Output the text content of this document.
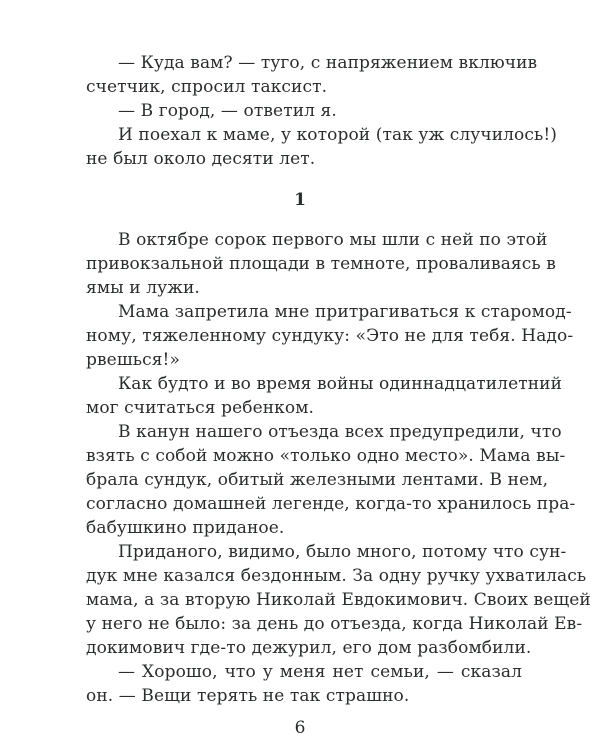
— Куда вам? — туго, с напряжением включив
счетчик, спросил таксист.
— В город, — ответил я.
И поехал к маме, у которой (так уж случилось!)
не был около десяти лет.
1
В октябре сорок первого мы шли с ней по этой
привокзальной площади в темноте, проваливаясь в
ямы и лужи.
Мама запретила мне притрагиваться к старомод-
ному, тяжеленному сундуку: «Это не для тебя. Надо-
рвешься!»
Как будто и во время войны одиннадцатилетний
мог считаться ребенком.
В канун нашего отъезда всех предупредили, что
взять с собой можно «только одно место». Мама вы-
брала сундук, обитый железными лентами. В нем,
согласно домашней легенде, когда-то хранилось пра-
бабушкино приданое.
Приданого, видимо, было много, потому что сун-
дук мне казался бездонным. За одну ручку ухватилась
мама, а за вторую Николай Евдокимович. Своих вещей
у него не было: за день до отъезда, когда Николай Ев-
докимович где-то дежурил, его дом разбомбили.
— Хорошо, что у меня нет семьи, — сказал
он. — Вещи терять не так страшно.
6
